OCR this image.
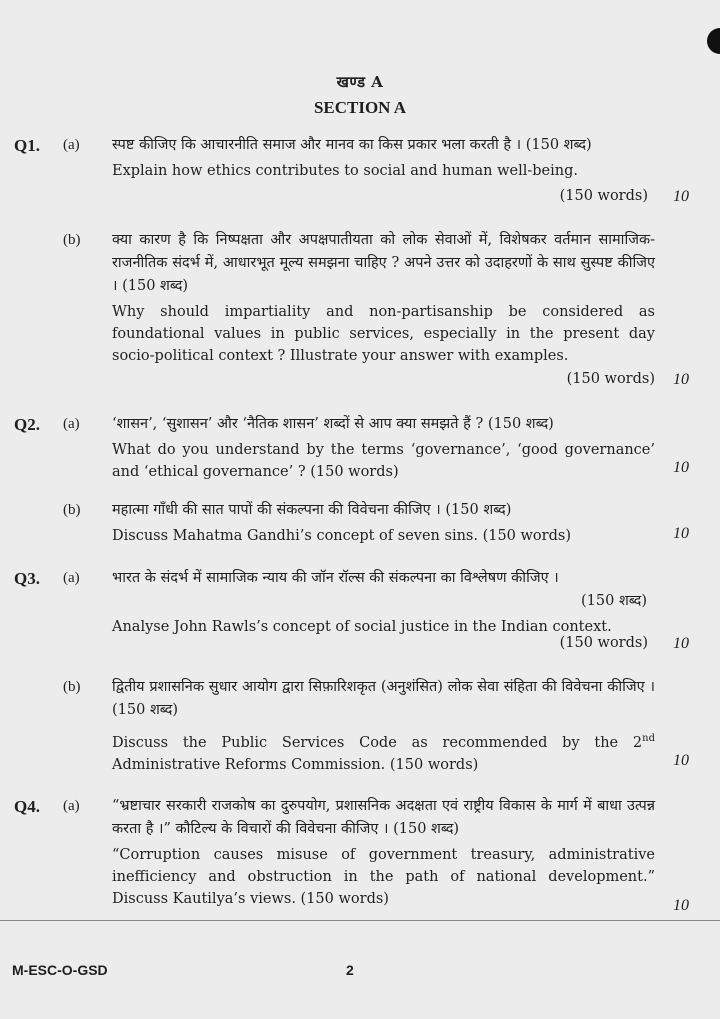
खण्ड A
SECTION A
Q1. (a) स्पष्ट कीजिए कि आचारनीति समाज और मानव का किस प्रकार भला करती है । (150 शब्द)
Explain how ethics contributes to social and human well-being.
(150 words)	10
(b) क्या कारण है कि निष्पक्षता और अपक्षपातीयता को लोक सेवाओं में, विशेषकर वर्तमान सामाजिक-राजनीतिक संदर्भ में, आधारभूत मूल्य समझना चाहिए ? अपने उत्तर को उदाहरणों के साथ सुस्पष्ट कीजिए । (150 शब्द)
Why should impartiality and non-partisanship be considered as foundational values in public services, especially in the present day socio-political context ? Illustrate your answer with examples.
(150 words)	10
Q2. (a) ‘शासन’, ‘सुशासन’ और ‘नैतिक शासन’ शब्दों से आप क्या समझते हैं ? (150 शब्द)
What do you understand by the terms ‘governance’, ‘good governance’ and ‘ethical governance’ ? (150 words)	10
(b) महात्मा गाँधी की सात पापों की संकल्पना की विवेचना कीजिए । (150 शब्द)
Discuss Mahatma Gandhi’s concept of seven sins. (150 words)	10
Q3. (a) भारत के संदर्भ में सामाजिक न्याय की जॉन रॉल्स की संकल्पना का विश्लेषण कीजिए ।
(150 शब्द)
Analyse John Rawls’s concept of social justice in the Indian context.
(150 words)	10
(b) द्वितीय प्रशासनिक सुधार आयोग द्वारा सिफ़ारिशकृत (अनुशंसित) लोक सेवा संहिता की विवेचना कीजिए । (150 शब्द)
Discuss the Public Services Code as recommended by the 2nd Administrative Reforms Commission. (150 words)	10
Q4. (a) “भ्रष्टाचार सरकारी राजकोष का दुरुपयोग, प्रशासनिक अदक्षता एवं राष्ट्रीय विकास के मार्ग में बाधा उत्पन्न करता है ।” कौटिल्य के विचारों की विवेचना कीजिए । (150 शब्द)
“Corruption causes misuse of government treasury, administrative inefficiency and obstruction in the path of national development.” Discuss Kautilya’s views. (150 words)	10
M-ESC-O-GSD	2
